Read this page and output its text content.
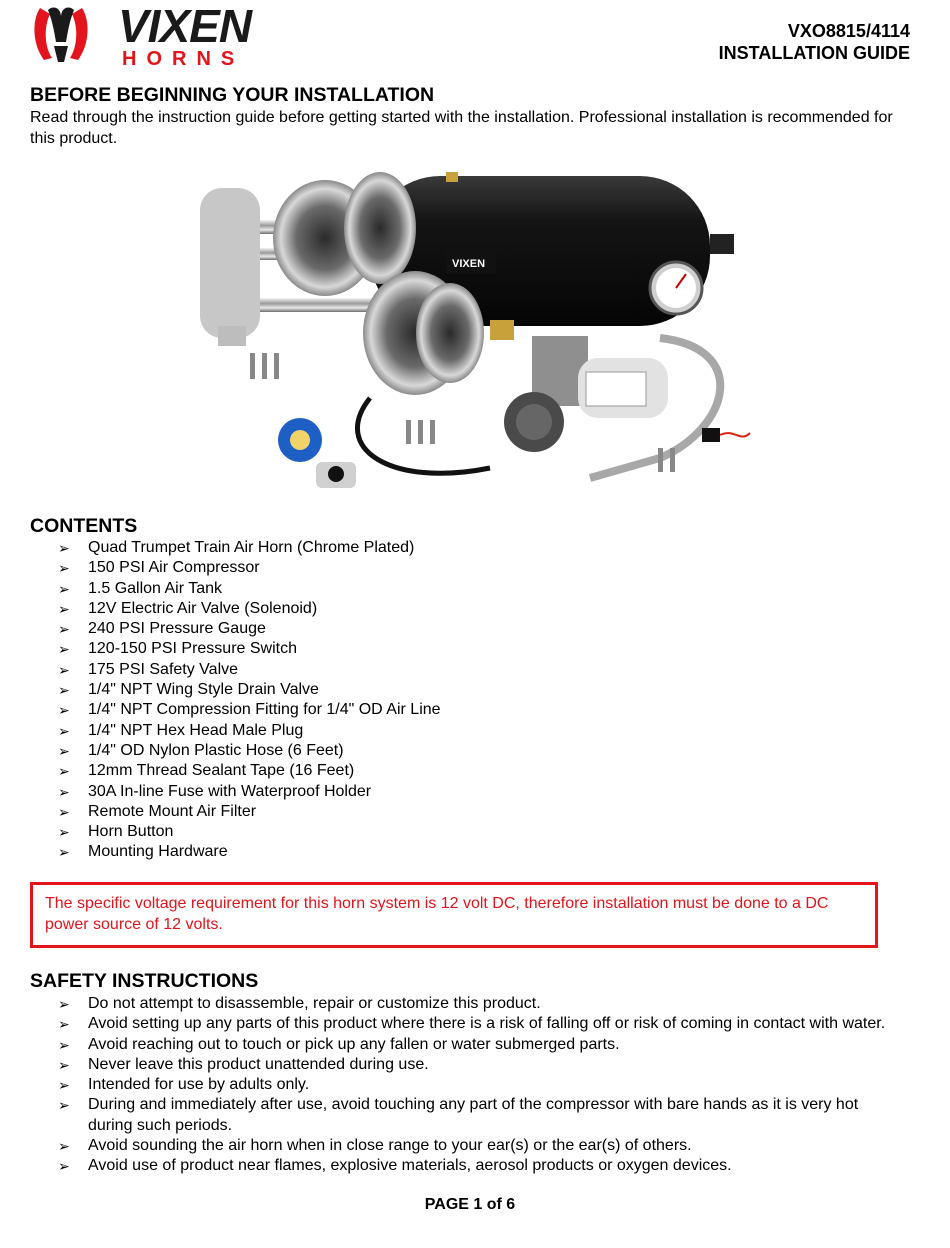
VIXEN
HORNS
VXO8815/4114
INSTALLATION GUIDE
BEFORE BEGINNING YOUR INSTALLATION

Read through the instruction guide before getting started with the installation. Professional installation is recommended for this product.

VIXEN
CONTENTS
➢ Quad Trumpet Train Air Horn (Chrome Plated)
➢ 150 PSI Air Compressor
➢ 1.5 Gallon Air Tank
➢ 12V Electric Air Valve (Solenoid)
➢ 240 PSI Pressure Gauge
➢ 120-150 PSI Pressure Switch
➢ 175 PSI Safety Valve
➢ 1/4" NPT Wing Style Drain Valve
➢ 1/4" NPT Compression Fitting for 1/4" OD Air Line
➢ 1/4" NPT Hex Head Male Plug
➢ 1/4" OD Nylon Plastic Hose (6 Feet)
➢ 12mm Thread Sealant Tape (16 Feet)
➢ 30A In-line Fuse with Waterproof Holder
➢ Remote Mount Air Filter
➢ Horn Button
➢ Mounting Hardware
The specific voltage requirement for this horn system is 12 volt DC, therefore installation must be done to a DC power source of 12 volts.
SAFETY INSTRUCTIONS
➢ Do not attempt to disassemble, repair or customize this product.
➢ Avoid setting up any parts of this product where there is a risk of falling off or risk of coming in contact with water.
➢ Avoid reaching out to touch or pick up any fallen or water submerged parts.
➢ Never leave this product unattended during use.
➢ Intended for use by adults only.
➢ During and immediately after use, avoid touching any part of the compressor with bare hands as it is very hot during such periods.
➢ Avoid sounding the air horn when in close range to your ear(s) or the ear(s) of others.
➢ Avoid use of product near flames, explosive materials, aerosol products or oxygen devices.
PAGE 1 of 6
